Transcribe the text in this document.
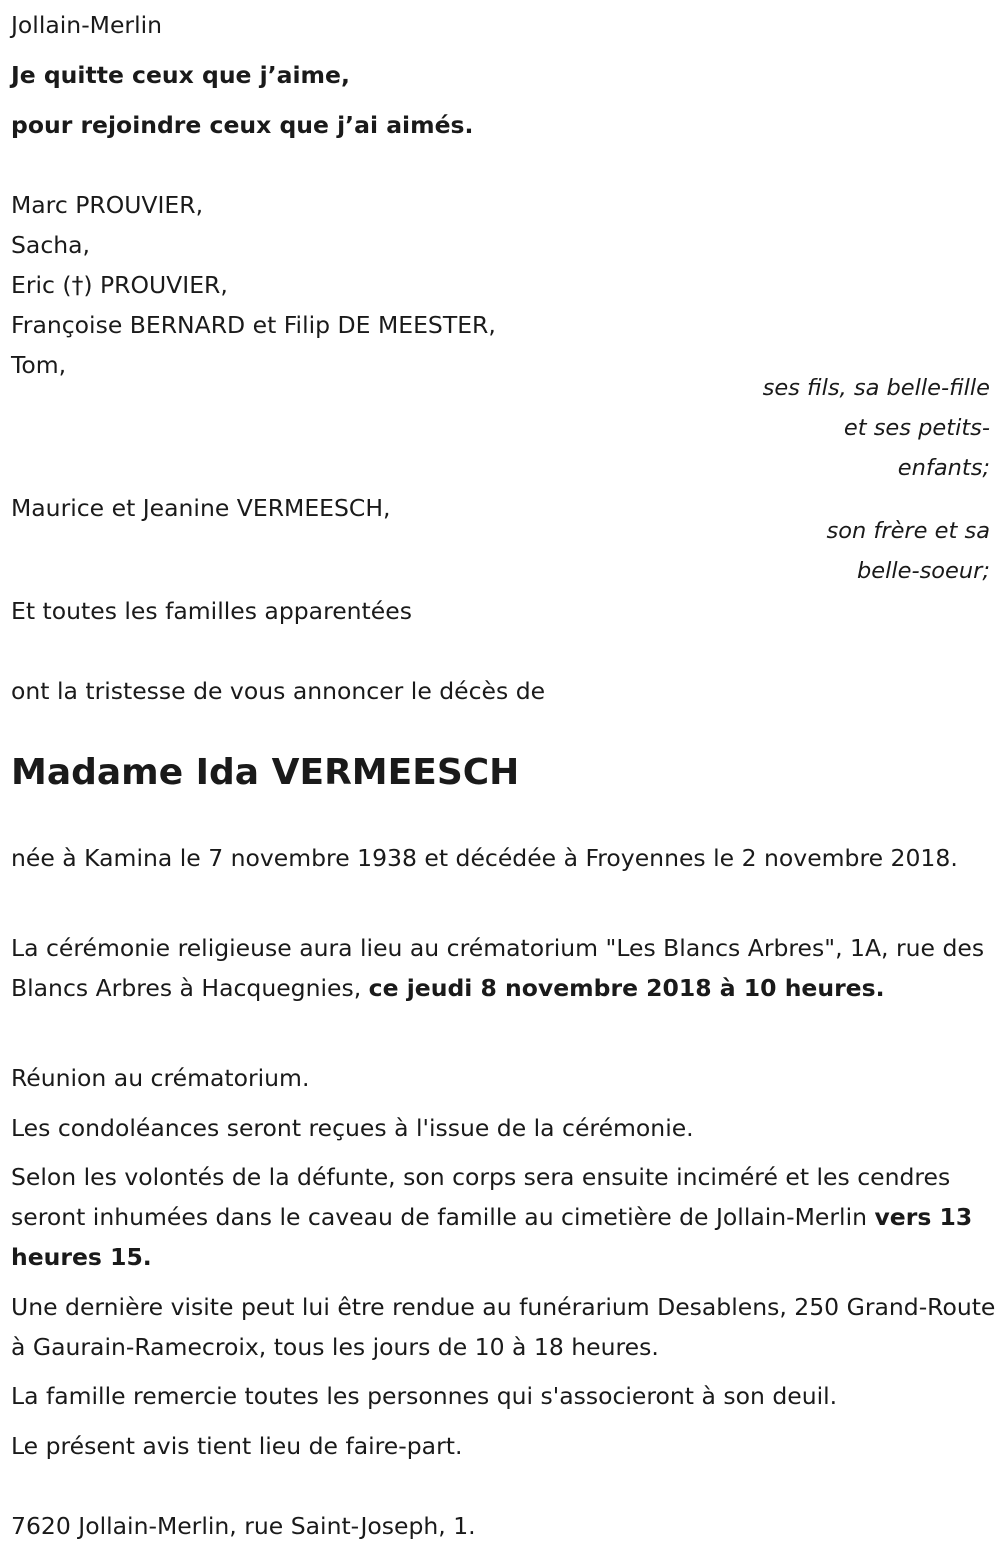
Jollain-Merlin
Je quitte ceux que j’aime,
pour rejoindre ceux que j’ai aimés.
Marc PROUVIER,
Sacha,
Eric (†) PROUVIER,
Françoise BERNARD et Filip DE MEESTER,
Tom,
ses fils, sa belle-fille
et ses petits-
enfants;
Maurice et Jeanine VERMEESCH,
son frère et sa
belle-soeur;
Et toutes les familles apparentées
ont la tristesse de vous annoncer le décès de
Madame Ida VERMEESCH
née à Kamina le 7 novembre 1938 et décédée à Froyennes le 2 novembre 2018.
La cérémonie religieuse aura lieu au crématorium "Les Blancs Arbres", 1A, rue des Blancs Arbres à Hacquegnies, ce jeudi 8 novembre 2018 à 10 heures.
Réunion au crématorium.
Les condoléances seront reçues à l'issue de la cérémonie.
Selon les volontés de la défunte, son corps sera ensuite inciméré et les cendres seront inhumées dans le caveau de famille au cimetière de Jollain-Merlin vers 13 heures 15.
Une dernière visite peut lui être rendue au funérarium Desablens, 250 Grand-Route à Gaurain-Ramecroix, tous les jours de 10 à 18 heures.
La famille remercie toutes les personnes qui s'associeront à son deuil.
Le présent avis tient lieu de faire-part.
7620 Jollain-Merlin, rue Saint-Joseph, 1.
